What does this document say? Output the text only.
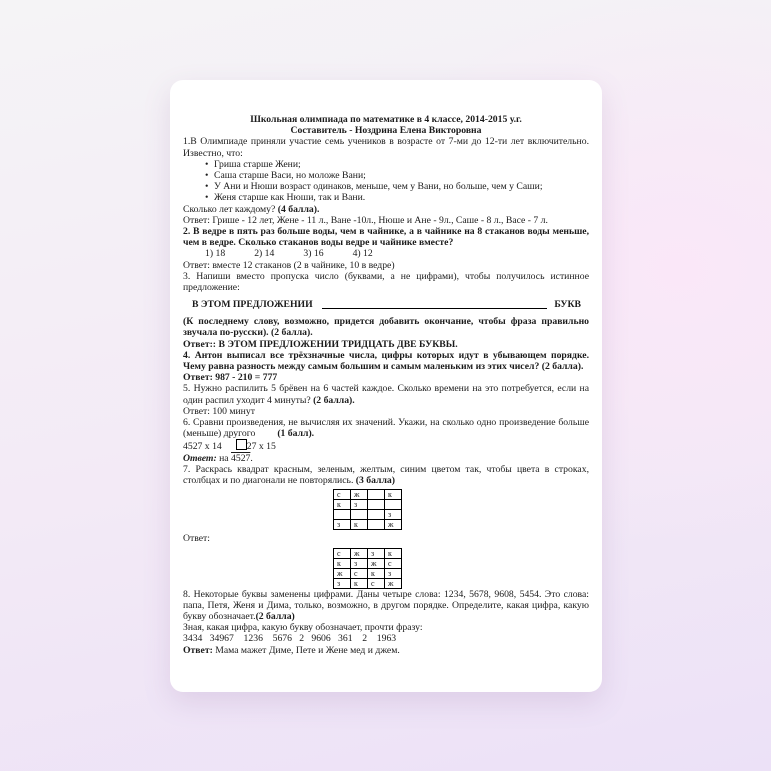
Школьная олимпиада по математике в 4 классе, 2014-2015 у.г.

Составитель - Ноздрина Елена Викторовна

1.В Олимпиаде приняли участие семь учеников в возрасте от 7-ми до 12-ти лет включительно. Известно, что:

• Гриша старше Жени;
• Саша старше Васи, но моложе Вани;
• У Ани и Нюши возраст одинаков, меньше, чем у Вани, но больше, чем у Саши;
• Женя старше как Нюши, так и Вани.

Сколько лет каждому? (4 балла).

Ответ: Грише - 12 лет, Жене - 11 л., Ване -10л., Нюше и Ане - 9л., Саше - 8 л., Васе - 7 л.

2. В ведре в пять раз больше воды, чем в чайнике, а в чайнике на 8 стаканов воды меньше, чем в ведре. Сколько стаканов воды ведре и чайнике вместе?

1) 18	2) 14	3) 16	4) 12

Ответ: вместе 12 стаканов (2 в чайнике, 10 в ведре)

3. Напиши вместо пропуска число (буквами, а не цифрами), чтобы получилось истинное предложение:

В ЭТОМ ПРЕДЛОЖЕНИИ	БУКВ

(К последнему слову, возможно, придется добавить окончание, чтобы фраза правильно звучала по-русски). (2 балла).

Ответ:: В ЭТОМ ПРЕДЛОЖЕНИИ ТРИДЦАТЬ ДВЕ БУКВЫ.

4. Антон выписал все трёхзначные числа, цифры которых идут в убывающем порядке. Чему равна разность между самым большим и самым маленьким из этих чисел? (2 балла).

Ответ: 987 - 210 = 777

5. Нужно распилить 5 брёвен на 6 частей каждое. Сколько времени на это потребуется, если на один распил уходит 4 минуты? (2 балла).

Ответ: 100 минут

6. Сравни произведения, не вычисляя их значений. Укажи, на сколько одно произведение больше (меньше) другого (1 балл).

4527 x 14	27 x 15

Ответ: на 4527.

7. Раскрась квадрат красным, зеленым, желтым, синим цветом так, чтобы цвета в строках, столбцах и по диагонали не повторялись. (3 балла)

с	ж		к
к	з		
			з
з	к		ж

Ответ:

с	ж	з	к
к	з	ж	с
ж	с	к	з
з	к	с	ж

8. Некоторые буквы заменены цифрами. Даны четыре слова: 1234, 5678, 9608, 5454. Это слова: папа, Петя, Женя и Дима, только, возможно, в другом порядке. Определите, какая цифра, какую букву обозначает.(2 балла)

Зная, какая цифра, какую букву обозначает, прочти фразу:

3434   34967    1236    5676   2   9606   361    2    1963

Ответ: Мама мажет Диме, Пете и Жене мед и джем.
